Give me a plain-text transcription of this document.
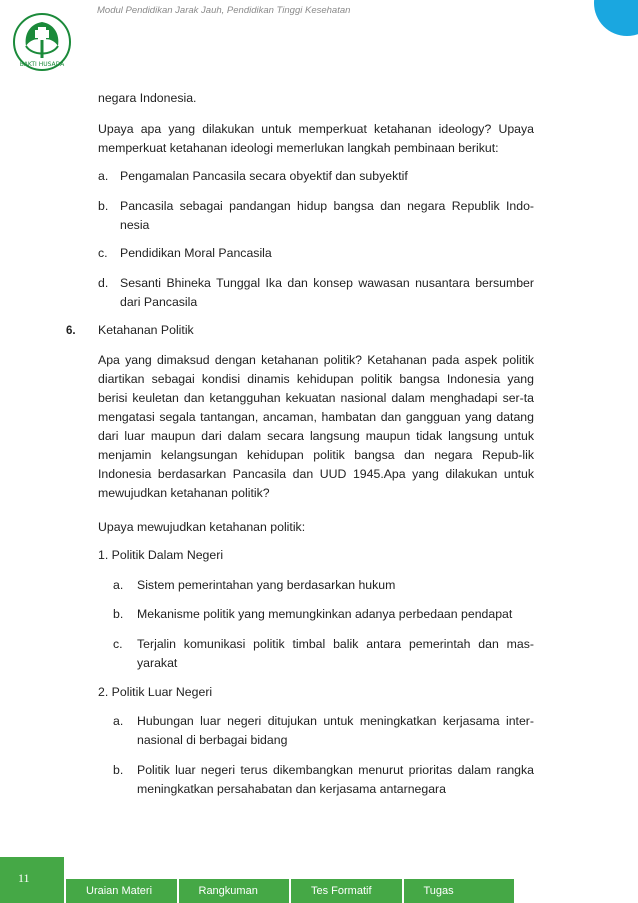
BAKTI HUSADA
Modul Pendidikan Jarak Jauh, Pendidikan Tinggi Kesehatan
negara Indonesia.
Upaya apa yang dilakukan untuk memperkuat ketahanan ideology? Upaya memperkuat ketahanan ideologi memerlukan langkah pembinaan berikut:
a. Pengamalan Pancasila secara obyektif dan subyektif
b. Pancasila sebagai pandangan hidup bangsa dan negara Republik Indo-nesia
c. Pendidikan Moral Pancasila
d. Sesanti Bhineka Tunggal Ika dan konsep wawasan nusantara bersumber dari Pancasila
6. Ketahanan Politik
Apa yang dimaksud dengan ketahanan politik? Ketahanan pada aspek politik diartikan sebagai kondisi dinamis kehidupan politik bangsa Indonesia yang berisi keuletan dan ketangguhan kekuatan nasional dalam menghadapi ser-ta mengatasi segala tantangan, ancaman, hambatan dan gangguan yang datang dari luar maupun dari dalam secara langsung maupun tidak langsung untuk menjamin kelangsungan kehidupan politik bangsa dan negara Repub-lik Indonesia berdasarkan Pancasila dan UUD 1945.Apa yang dilakukan untuk mewujudkan ketahanan politik?
Upaya mewujudkan ketahanan politik:
1. Politik Dalam Negeri
a. Sistem pemerintahan yang berdasarkan hukum
b. Mekanisme politik yang memungkinkan adanya perbedaan pendapat
c. Terjalin komunikasi politik timbal balik antara pemerintah dan mas-yarakat
2. Politik Luar Negeri
a. Hubungan luar negeri ditujukan untuk meningkatkan kerjasama inter-nasional di berbagai bidang
b. Politik luar negeri terus dikembangkan menurut prioritas dalam rangka meningkatkan persahabatan dan kerjasama antarnegara
11
Uraian Materi	Rangkuman	Tes Formatif	Tugas
